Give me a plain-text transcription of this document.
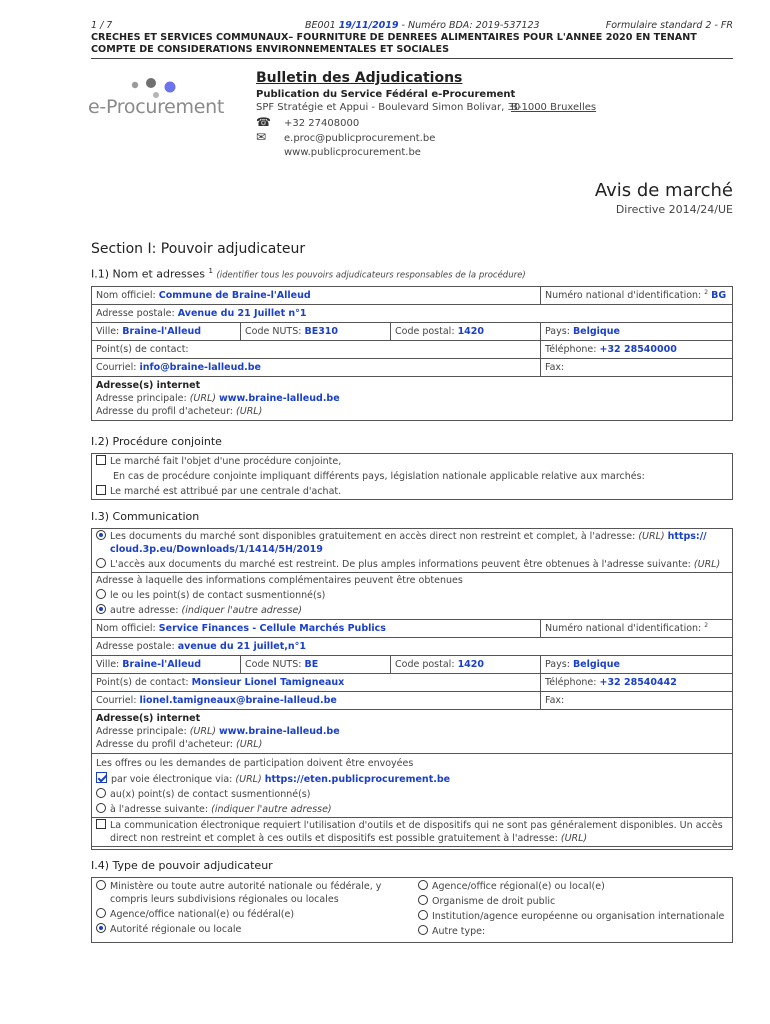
1 / 7	BE001 19/11/2019 - Numéro BDA: 2019-537123	Formulaire standard 2 - FR
CRECHES ET SERVICES COMMUNAUX– FOURNITURE DE DENREES ALIMENTAIRES POUR L'ANNEE 2020 EN TENANT COMPTE DE CONSIDERATIONS ENVIRONNEMENTALES ET SOCIALES
e-Procurement
Bulletin des Adjudications
Publication du Service Fédéral e-Procurement
SPF Stratégie et Appui - Boulevard Simon Bolivar, 30
B-1000 Bruxelles
☎ +32 27408000
✉ e.proc@publicprocurement.be
www.publicprocurement.be
Avis de marché
Directive 2014/24/UE
Section I: Pouvoir adjudicateur
I.1) Nom et adresses $^1$ (identifier tous les pouvoirs adjudicateurs responsables de la procédure)
Nom officiel: Commune de Braine-l'Alleud			Numéro national d'identification: $^2$ BG
Adresse postale: Avenue du 21 Juillet n°1			
Ville: Braine-l'Alleud	Code NUTS: BE310	Code postal: 1420	Pays: Belgique
Point(s) de contact:			Téléphone: +32 28540000
Courriel: info@braine-lalleud.be			Fax:

Adresse(s) internet
Adresse principale: (URL) www.braine-lalleud.be
Adresse du profil d'acheteur: (URL)			
I.2) Procédure conjointe
Le marché fait l'objet d'une procédure conjointe,
En cas de procédure conjointe impliquant différents pays, législation nationale applicable relative aux marchés:
Le marché est attribué par une centrale d'achat.
I.3) Communication
Les documents du marché sont disponibles gratuitement en accès direct non restreint et complet, à l'adresse: (URL) https:// cloud.3p.eu/Downloads/1/1414/5H/2019
L'accès aux documents du marché est restreint. De plus amples informations peuvent être obtenues à l'adresse suivante: (URL)
Adresse à laquelle des informations complémentaires peuvent être obtenues
le ou les point(s) de contact susmentionné(s)
autre adresse: (indiquer l'autre adresse)
Nom officiel: Service Finances - Cellule Marchés Publics			Numéro national d'identification: $^2$
Adresse postale: avenue du 21 juillet,n°1			
Ville: Braine-l'Alleud	Code NUTS: BE	Code postal: 1420	Pays: Belgique
Point(s) de contact: Monsieur Lionel Tamigneaux			Téléphone: +32 28540442
Courriel: lionel.tamigneaux@braine-lalleud.be			Fax:

Adresse(s) internet
Adresse principale: (URL) www.braine-lalleud.be
Adresse du profil d'acheteur: (URL)			
Les offres ou les demandes de participation doivent être envoyées
par voie électronique via: (URL) https://eten.publicprocurement.be
au(x) point(s) de contact susmentionné(s)
à l'adresse suivante: (indiquer l'autre adresse)
La communication électronique requiert l'utilisation d'outils et de dispositifs qui ne sont pas généralement disponibles. Un accès direct non restreint et complet à ces outils et dispositifs est possible gratuitement à l'adresse: (URL)
I.4) Type de pouvoir adjudicateur
Ministère ou toute autre autorité nationale ou fédérale, y compris leurs subdivisions régionales ou locales
Agence/office national(e) ou fédéral(e)
Autorité régionale ou locale
Agence/office régional(e) ou local(e)
Organisme de droit public
Institution/agence européenne ou organisation internationale
Autre type:
